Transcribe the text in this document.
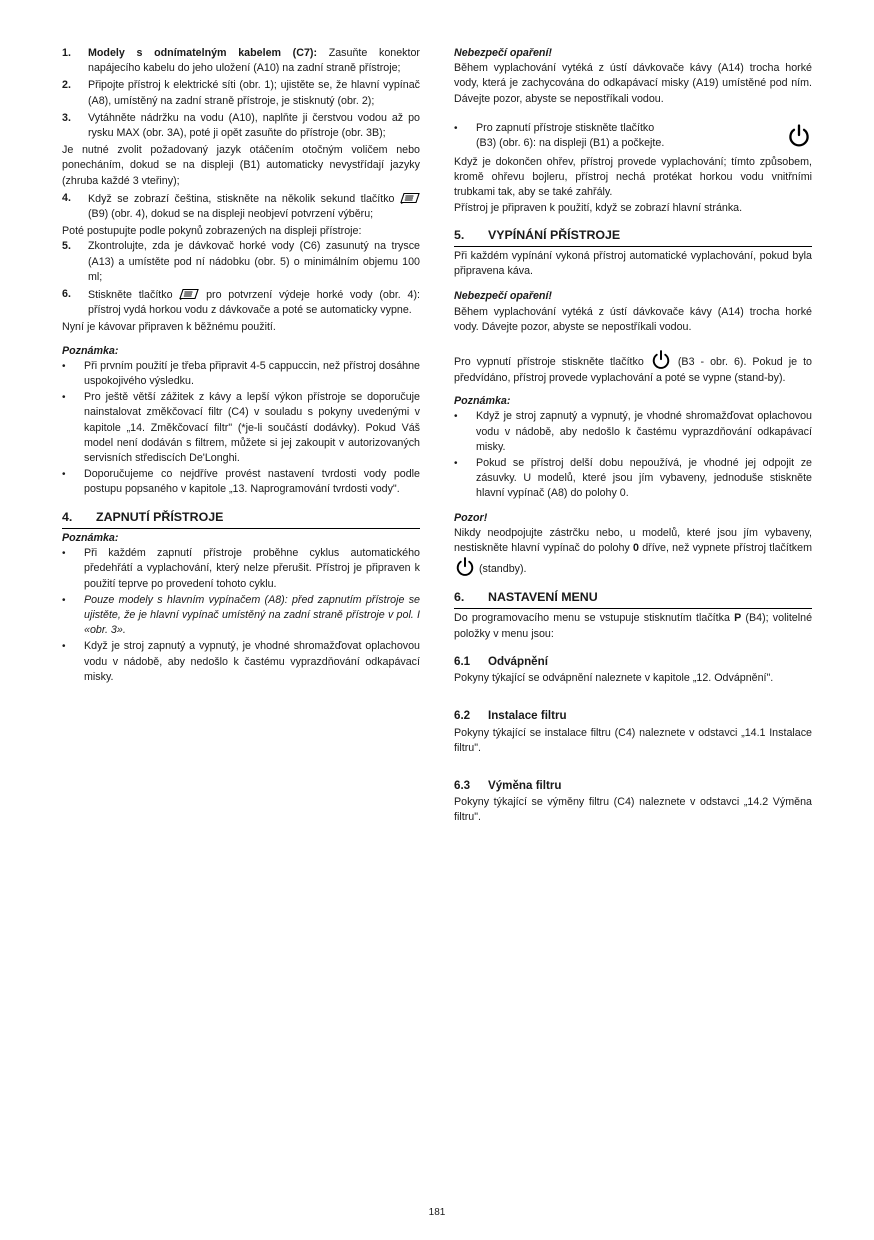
1.	Modely s odnímatelným kabelem (C7): Zasuňte konektor napájecího kabelu do jeho uložení (A10) na zadní straně přístroje;
2.	Připojte přístroj k elektrické síti (obr. 1); ujistěte se, že hlavní vypínač (A8), umístěný na zadní straně přístroje, je stisknutý (obr. 2);
3.	Vytáhněte nádržku na vodu (A10), naplňte ji čerstvou vodou až po rysku MAX (obr. 3A), poté ji opět zasuňte do přístroje (obr. 3B);

Je nutné zvolit požadovaný jazyk otáčením otočným voličem nebo ponecháním, dokud se na displeji (B1) automaticky nevystřídají jazyky (zhruba každé 3 vteřiny);

4.	Když se zobrazí čeština, stiskněte na několik sekund tlačítko  (B9) (obr. 4), dokud se na displeji neobjeví potvrzení výběru;

Poté postupujte podle pokynů zobrazených na displeji přístroje:

5.	Zkontrolujte, zda je dávkovač horké vody (C6) zasunutý na trysce (A13) a umístěte pod ní nádobku (obr. 5) o minimálním objemu 100 ml;
6.	Stiskněte tlačítko	pro potvrzení výdeje horké vody (obr. 4): přístroj vydá horkou vodu z dávkovače a poté se automaticky vypne.

Nyní je kávovar připraven k běžnému použití.

Poznámka:

•	Při prvním použití je třeba připravit 4-5 cappuccin, než přístroj dosáhne uspokojivého výsledku.
•	Pro ještě větší zážitek z kávy a lepší výkon přístroje se doporučuje nainstalovat změkčovací filtr (C4) v souladu s pokyny uvedenými v kapitole „14. Změkčovací filtr" (*je-li součástí dodávky). Pokud Váš model není dodáván s filtrem, můžete si jej zakoupit v autorizovaných servisních střediscích De'Longhi.
•	Doporučujeme co nejdříve provést nastavení tvrdosti vody podle postupu popsaného v kapitole „13. Naprogramování tvrdosti vody".
4.	ZAPNUTÍ PŘÍSTROJE

Poznámka:

•	Při každém zapnutí přístroje proběhne cyklus automatického předehřátí a vyplachování, který nelze přerušit. Přístroj je připraven k použití teprve po provedení tohoto cyklu.
•	Pouze modely s hlavním vypínačem (A8): před zapnutím přístroje se ujistěte, že je hlavní vypínač umístěný na zadní straně přístroje v pol. I «obr. 3».
•	Když je stroj zapnutý a vypnutý, je vhodné shromažďovat oplachovou vodu v nádobě, aby nedošlo k častému vyprazdňování odkapávací misky.

Nebezpečí opaření!

Během vyplachování vytéká z ústí dávkovače kávy (A14) trocha horké vody, která je zachycována do odkapávací misky (A19) umístěné pod ním. Dávejte pozor, abyste se nepostříkali vodou.

•	Pro zapnutí přístroje stiskněte tlačítko
(B3) (obr. 6): na displeji (B1) a počkejte.

Když je dokončen ohřev, přístroj provede vyplachování; tímto způsobem, kromě ohřevu bojleru, přístroj nechá protékat horkou vodu vnitřními trubkami tak, aby se také zahřály.

Přístroj je připraven k použití, když se zobrazí hlavní stránka.

5.	VYPÍNÁNÍ PŘÍSTROJE

Při každém vypínání vykoná přístroj automatické vyplachování, pokud byla připravena káva.

Nebezpečí opaření!

Během vyplachování vytéká z ústí dávkovače kávy (A14) trocha horké vody. Dávejte pozor, abyste se nepostříkali vodou.

Pro vypnutí přístroje stiskněte tlačítko	(B3 - obr. 6). Pokud je to předvídáno, přístroj provede vyplachování a poté se vypne (stand-by).

Poznámka:

•	Když je stroj zapnutý a vypnutý, je vhodné shromažďovat oplachovou vodu v nádobě, aby nedošlo k častému vyprazdňování odkapávací misky.
•	Pokud se přístroj delší dobu nepoužívá, je vhodné jej odpojit ze zásuvky. U modelů, které jsou jím vybaveny, jednoduše stiskněte hlavní vypínač (A8) do polohy 0.

Pozor!

Nikdy neodpojujte zástrčku nebo, u modelů, které jsou jím vybaveny, nestiskněte hlavní vypínač do polohy 0 dříve, než vypnete přístroj tlačítkem  (standby).

6.	NASTAVENÍ MENU

Do programovacího menu se vstupuje stisknutím tlačítka P (B4); volitelné položky v menu jsou:

6.1	Odvápnění

Pokyny týkající se odvápnění naleznete v kapitole „12. Odvápnění".

6.2	Instalace filtru

Pokyny týkající se instalace filtru (C4) naleznete v odstavci „14.1 Instalace filtru".

6.3	Výměna filtru

Pokyny týkající se výměny filtru (C4) naleznete v odstavci „14.2 Výměna filtru".

181
